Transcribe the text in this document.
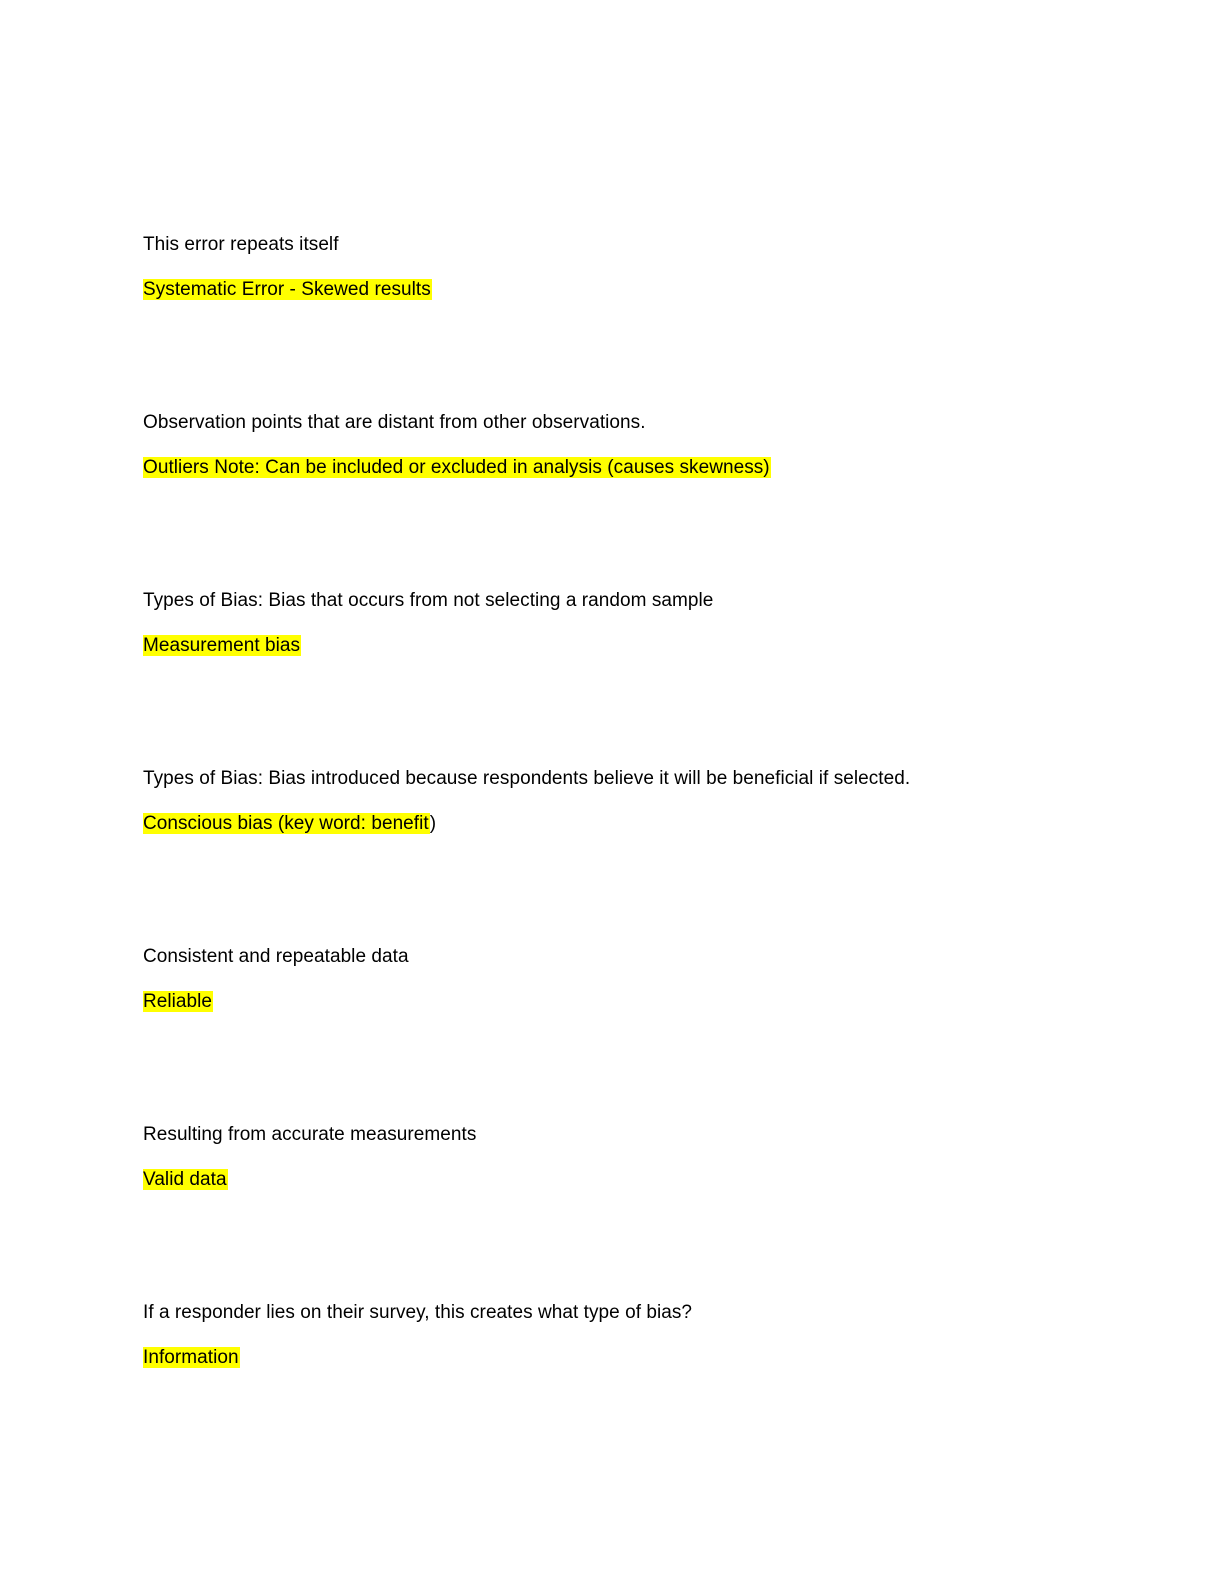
This error repeats itself
Systematic Error - Skewed results
Observation points that are distant from other observations.
Outliers Note: Can be included or excluded in analysis (causes skewness)
Types of Bias: Bias that occurs from not selecting a random sample
Measurement bias
Types of Bias: Bias introduced because respondents believe it will be beneficial if selected.
Conscious bias (key word: benefit)
Consistent and repeatable data
Reliable
Resulting from accurate measurements
Valid data
If a responder lies on their survey, this creates what type of bias?
Information
